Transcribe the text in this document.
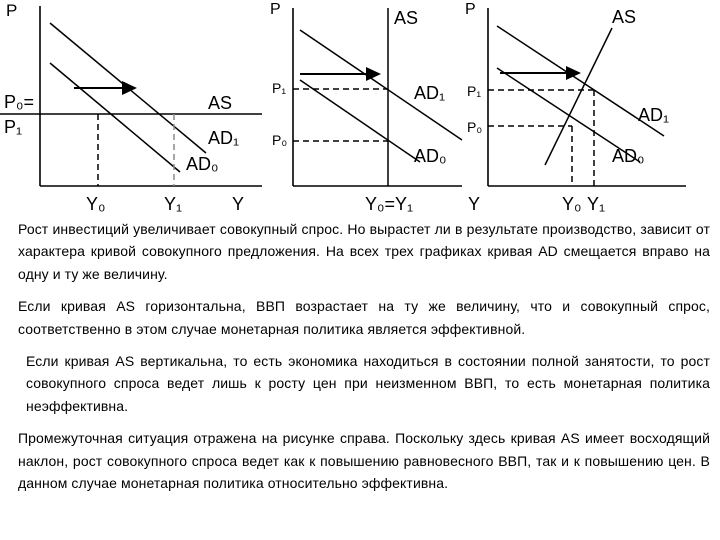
P
P₀=
P₁
AS
AD₁
AD₀
Y₀	Y₁	Y
P	AS
P₁
P₀
AD₁
AD₀
Y₀=Y₁	Y
P	AS
P₁
P₀
AD₁
AD₀
Y₀ Y₁

Рост инвестиций увеличивает совокупный спрос. Но вырастет ли в результате производство, зависит от характера кривой совокупного предложения. На всех трех графиках кривая AD смещается вправо на одну и ту же величину.

Если кривая AS горизонтальна, ВВП возрастает на ту же величину, что и совокупный спрос, соответственно в этом случае монетарная политика является эффективной.

Если кривая AS вертикальна, то есть экономика находиться в состоянии полной занятости, то рост совокупного спроса ведет лишь к росту цен при неизменном ВВП, то есть монетарная политика неэффективна.

Промежуточная ситуация отражена на рисунке справа. Поскольку здесь кривая AS имеет восходящий наклон, рост совокупного спроса ведет как к повышению равновесного ВВП, так и к повышению цен. В данном случае монетарная политика относительно эффективна.
